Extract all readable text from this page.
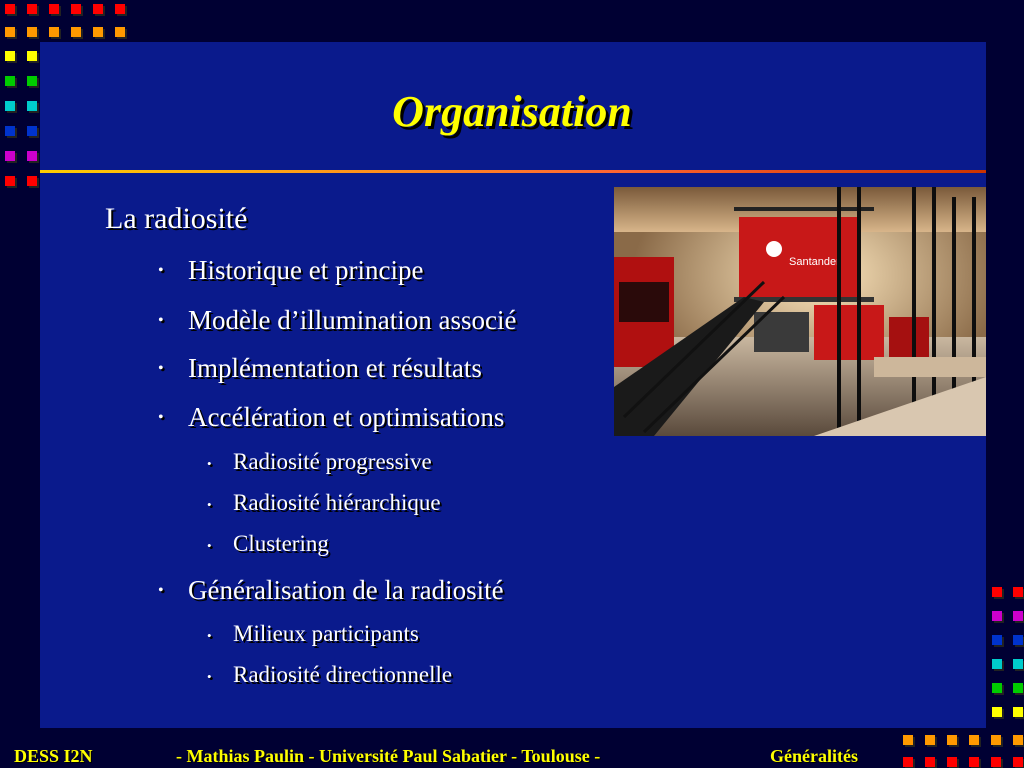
Organisation
Santander
La radiosité
• Historique et principe
• Modèle d’illumination associé
• Implémentation et résultats
• Accélération et optimisations
• Radiosité progressive
• Radiosité hiérarchique
• Clustering
• Généralisation de la radiosité
• Milieux participants
• Radiosité directionnelle
DESS I2N	- Mathias Paulin - Université Paul Sabatier - Toulouse -	Généralités
